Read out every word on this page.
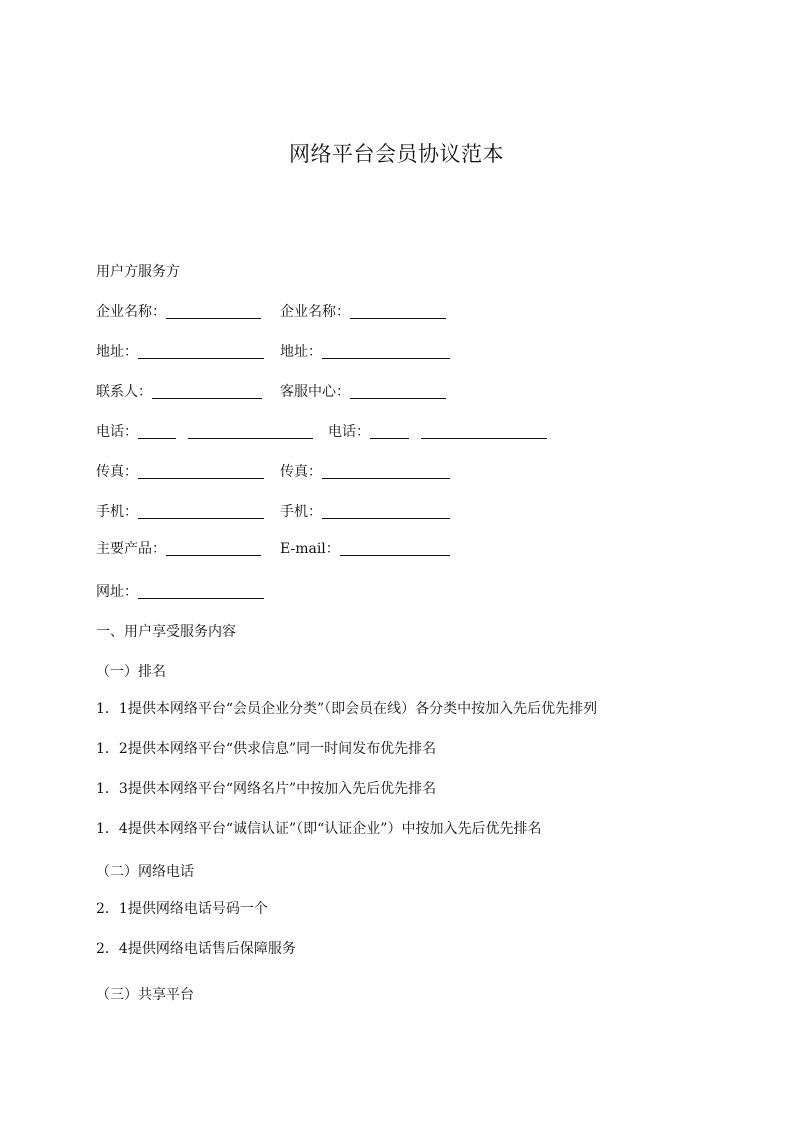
网络平台会员协议范本
用户方服务方
企业名称：	企业名称：
地址：	地址：
联系人：	客服中心：
电话：	电话：
传真：	传真：
手机：	手机：
主要产品：	E-mail：
网址：
一、用户享受服务内容
（一）排名
1．1提供本网络平台“会员企业分类”（即会员在线）各分类中按加入先后优先排列
1．2提供本网络平台“供求信息”同一时间发布优先排名
1．3提供本网络平台“网络名片”中按加入先后优先排名
1．4提供本网络平台“诚信认证”（即“认证企业”）中按加入先后优先排名
（二）网络电话
2．1提供网络电话号码一个
2．4提供网络电话售后保障服务
（三）共享平台
